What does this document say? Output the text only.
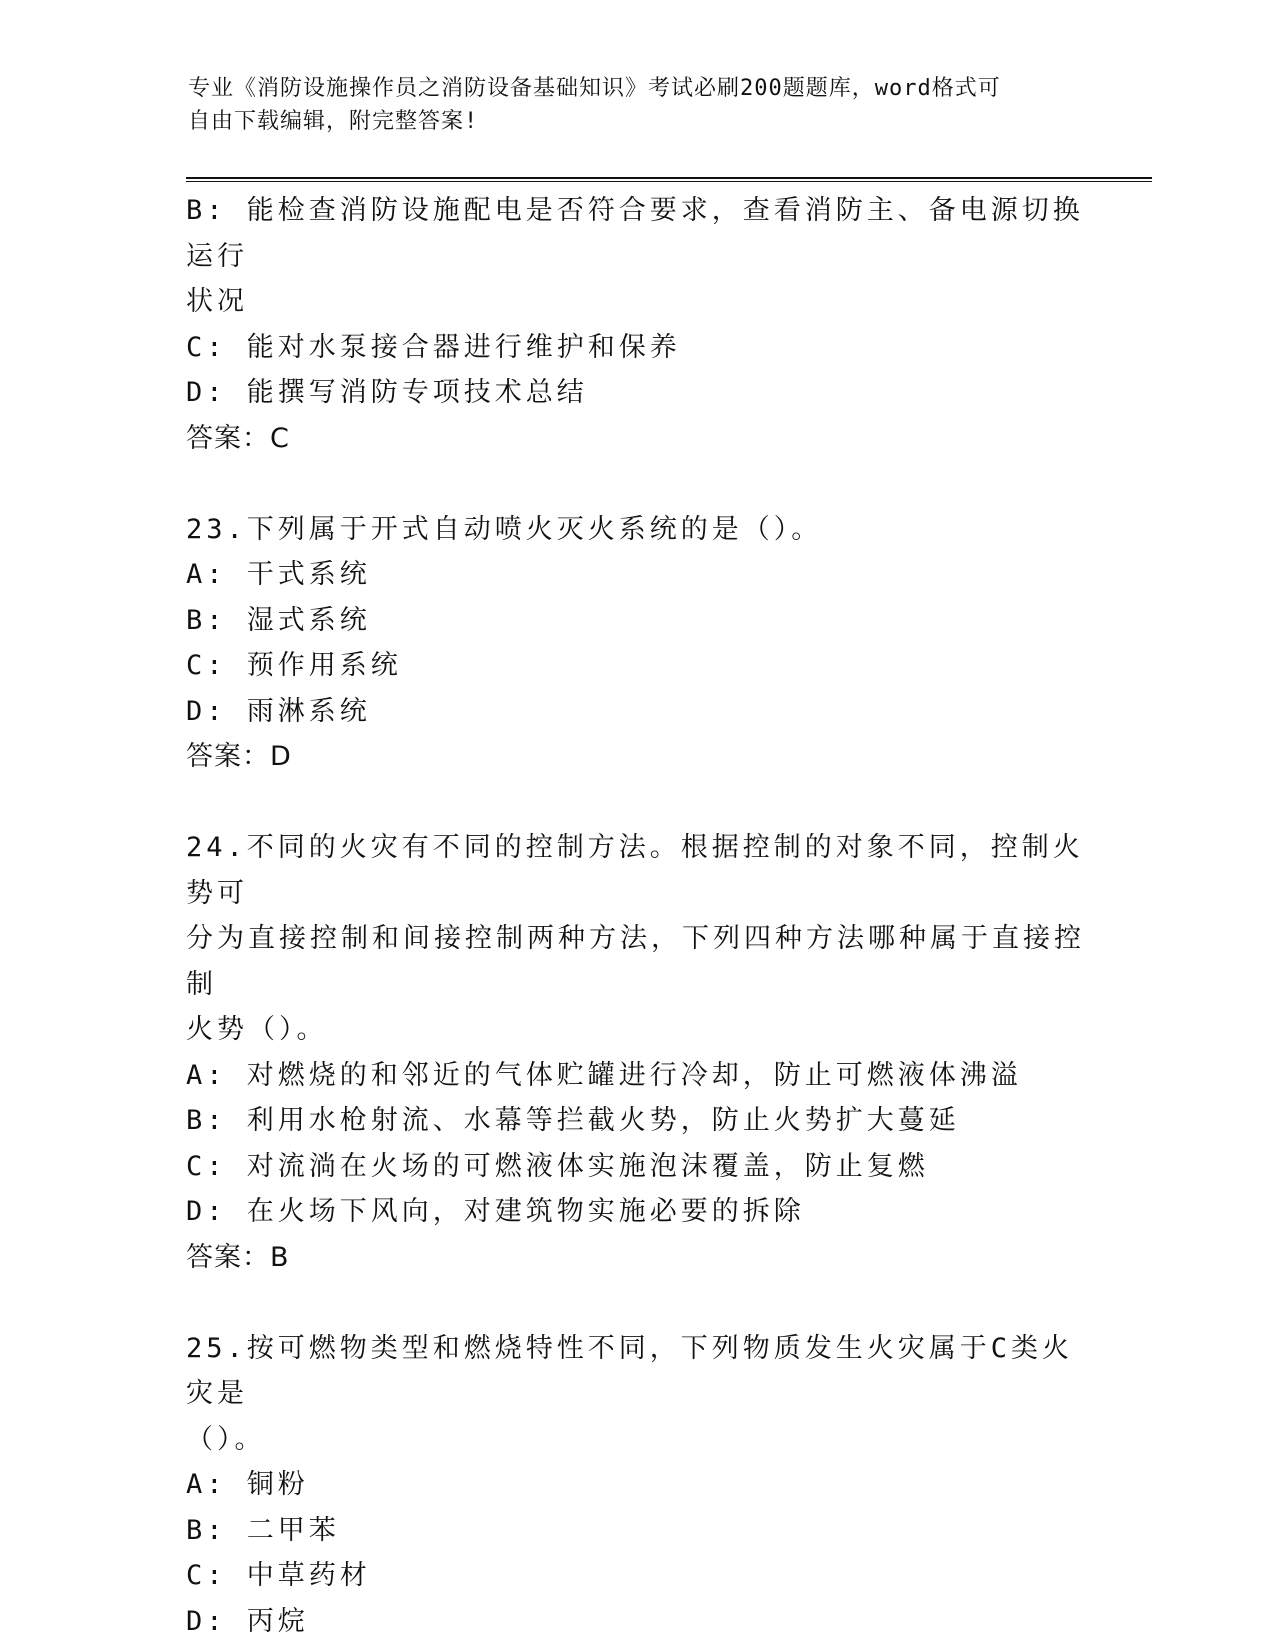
专业《消防设施操作员之消防设备基础知识》考试必刷200题题库，word格式可
自由下载编辑，附完整答案!

B: 能检查消防设施配电是否符合要求，查看消防主、备电源切换运行

状况

C: 能对水泵接合器进行维护和保养

D: 能撰写消防专项技术总结

答案：C

23.下列属于开式自动喷火灭火系统的是（）。

A: 干式系统

B: 湿式系统

C: 预作用系统

D: 雨淋系统

答案：D

24.不同的火灾有不同的控制方法。根据控制的对象不同，控制火势可

分为直接控制和间接控制两种方法，下列四种方法哪种属于直接控制

火势（）。

A: 对燃烧的和邻近的气体贮罐进行冷却，防止可燃液体沸溢

B: 利用水枪射流、水幕等拦截火势，防止火势扩大蔓延

C: 对流淌在火场的可燃液体实施泡沫覆盖，防止复燃

D: 在火场下风向，对建筑物实施必要的拆除

答案：B

25.按可燃物类型和燃烧特性不同，下列物质发生火灾属于C类火灾是

（）。

A: 铜粉

B: 二甲苯

C: 中草药材

D: 丙烷
